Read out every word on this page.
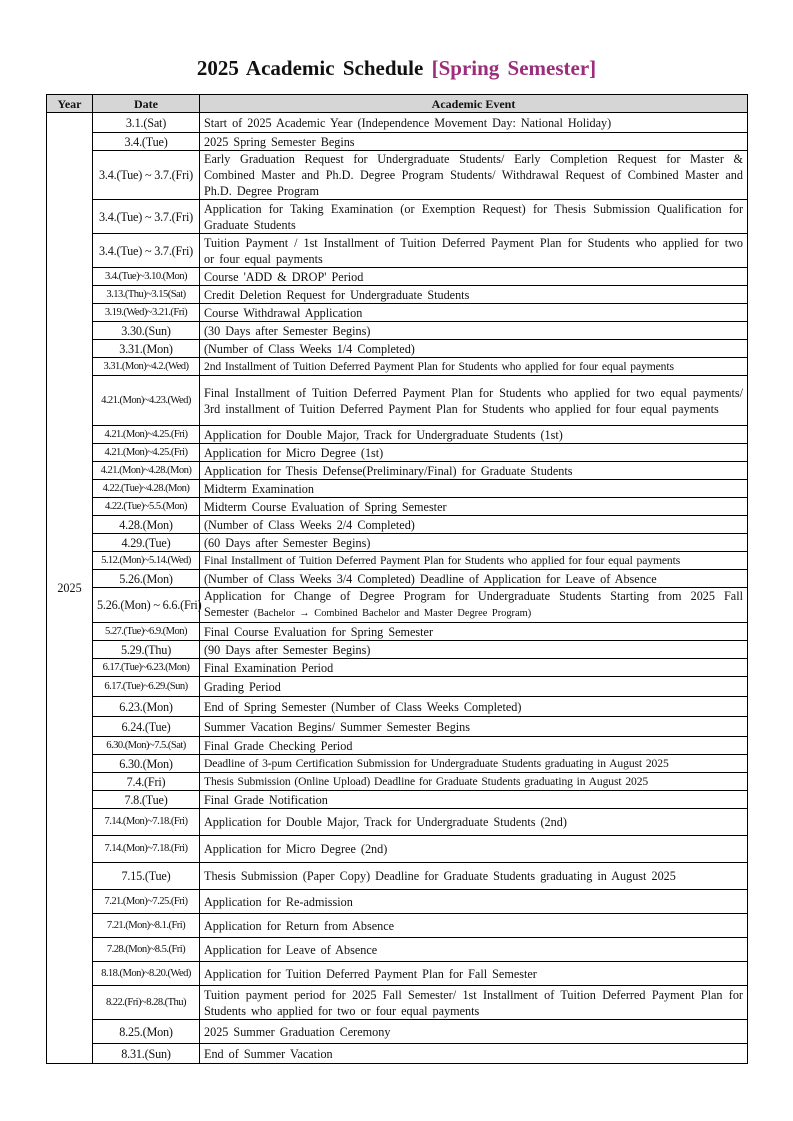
2025 Academic Schedule [Spring Semester]
Year	Date	Academic Event
2025	3.1.(Sat)	Start of 2025 Academic Year (Independence Movement Day: National Holiday)
	3.4.(Tue)	2025 Spring Semester Begins
	3.4.(Tue) ~ 3.7.(Fri)	Early Graduation Request for Undergraduate Students/ Early Completion Request for Master & Combined Master and Ph.D. Degree Program Students/ Withdrawal Request of Combined Master and Ph.D. Degree Program
	3.4.(Tue) ~ 3.7.(Fri)	Application for Taking Examination (or Exemption Request) for Thesis Submission Qualification for Graduate Students
	3.4.(Tue) ~ 3.7.(Fri)	Tuition Payment / 1st Installment of Tuition Deferred Payment Plan for Students who applied for two or four equal payments
	3.4.(Tue)~3.10.(Mon)	Course 'ADD & DROP' Period
	3.13.(Thu)~3.15(Sat)	Credit Deletion Request for Undergraduate Students
	3.19.(Wed)~3.21.(Fri)	Course Withdrawal Application
	3.30.(Sun)	(30 Days after Semester Begins)
	3.31.(Mon)	(Number of Class Weeks 1/4 Completed)
	3.31.(Mon)~4.2.(Wed)	2nd Installment of Tuition Deferred Payment Plan for Students who applied for four equal payments
	4.21.(Mon)~4.23.(Wed)	Final Installment of Tuition Deferred Payment Plan for Students who applied for two equal payments/ 3rd installment of Tuition Deferred Payment Plan for Students who applied for four equal payments
	4.21.(Mon)~4.25.(Fri)	Application for Double Major, Track for Undergraduate Students (1st)
	4.21.(Mon)~4.25.(Fri)	Application for Micro Degree (1st)
	4.21.(Mon)~4.28.(Mon)	Application for Thesis Defense(Preliminary/Final) for Graduate Students
	4.22.(Tue)~4.28.(Mon)	Midterm Examination
	4.22.(Tue)~5.5.(Mon)	Midterm Course Evaluation of Spring Semester
	4.28.(Mon)	(Number of Class Weeks 2/4 Completed)
	4.29.(Tue)	(60 Days after Semester Begins)
	5.12.(Mon)~5.14.(Wed)	Final Installment of Tuition Deferred Payment Plan for Students who applied for four equal payments
	5.26.(Mon)	(Number of Class Weeks 3/4 Completed) Deadline of Application for Leave of Absence
	5.26.(Mon) ~ 6.6.(Fri)	Application for Change of Degree Program for Undergraduate Students Starting from 2025 Fall Semester (Bachelor → Combined Bachelor and Master Degree Program)
	5.27.(Tue)~6.9.(Mon)	Final Course Evaluation for Spring Semester
	5.29.(Thu)	(90 Days after Semester Begins)
	6.17.(Tue)~6.23.(Mon)	Final Examination Period
	6.17.(Tue)~6.29.(Sun)	Grading Period
	6.23.(Mon)	End of Spring Semester (Number of Class Weeks Completed)
	6.24.(Tue)	Summer Vacation Begins/ Summer Semester Begins
	6.30.(Mon)~7.5.(Sat)	Final Grade Checking Period
	6.30.(Mon)	Deadline of 3-pum Certification Submission for Undergraduate Students graduating in August 2025
	7.4.(Fri)	Thesis Submission (Online Upload) Deadline for Graduate Students graduating in August 2025
	7.8.(Tue)	Final Grade Notification
	7.14.(Mon)~7.18.(Fri)	Application for Double Major, Track for Undergraduate Students (2nd)
	7.14.(Mon)~7.18.(Fri)	Application for Micro Degree (2nd)
	7.15.(Tue)	Thesis Submission (Paper Copy) Deadline for Graduate Students graduating in August 2025
	7.21.(Mon)~7.25.(Fri)	Application for Re-admission
	7.21.(Mon)~8.1.(Fri)	Application for Return from Absence
	7.28.(Mon)~8.5.(Fri)	Application for Leave of Absence
	8.18.(Mon)~8.20.(Wed)	Application for Tuition Deferred Payment Plan for Fall Semester
	8.22.(Fri)~8.28.(Thu)	Tuition payment period for 2025 Fall Semester/ 1st Installment of Tuition Deferred Payment Plan for Students who applied for two or four equal payments
	8.25.(Mon)	2025 Summer Graduation Ceremony
	8.31.(Sun)	End of Summer Vacation
